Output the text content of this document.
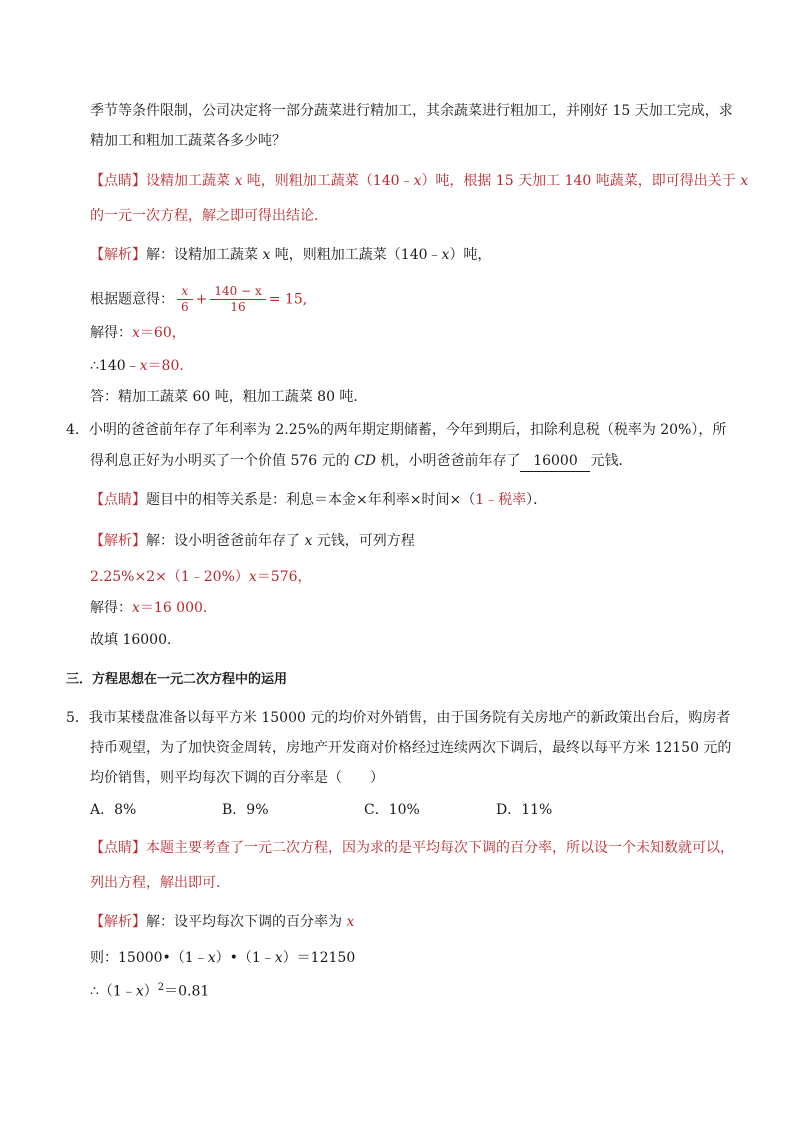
季节等条件限制，公司决定将一部分蔬菜进行精加工，其余蔬菜进行粗加工，并刚好 15 天加工完成，求
精加工和粗加工蔬菜各多少吨？
【点睛】设精加工蔬菜 x 吨，则粗加工蔬菜（140﹣x）吨，根据 15 天加工 140 吨蔬菜，即可得出关于 x
的一元一次方程，解之即可得出结论．
【解析】解：设精加工蔬菜 x 吨，则粗加工蔬菜（140﹣x）吨，
根据题意得： $\frac{x}{6} + \frac{140 - x}{16} = 15$,
解得：x＝60，
∴140﹣x＝80．
答：精加工蔬菜 60 吨，粗加工蔬菜 80 吨．
4．小明的爸爸前年存了年利率为 2.25%的两年期定期储蓄，今年到期后，扣除利息税（税率为 20%），所
得利息正好为小明买了一个价值 576 元的 CD 机，小明爸爸前年存了 16000 元钱．
【点睛】题目中的相等关系是：利息＝本金×年利率×时间×（1﹣税率）．
【解析】解：设小明爸爸前年存了 x 元钱，可列方程
2.25%×2×（1﹣20%）x＝576，
解得：x＝16 000．
故填 16000．
三．方程思想在一元二次方程中的运用
5．我市某楼盘准备以每平方米 15000 元的均价对外销售，由于国务院有关房地产的新政策出台后，购房者
持币观望，为了加快资金周转，房地产开发商对价格经过连续两次下调后，最终以每平方米 12150 元的
均价销售，则平均每次下调的百分率是（　　）
A．8%	B．9%	C．10%	D．11%
【点睛】本题主要考查了一元二次方程，因为求的是平均每次下调的百分率，所以设一个未知数就可以，
列出方程，解出即可．
【解析】解：设平均每次下调的百分率为 x
则：15000•（1﹣x）•（1﹣x）＝12150
∴（1﹣x）$^2$＝0.81
